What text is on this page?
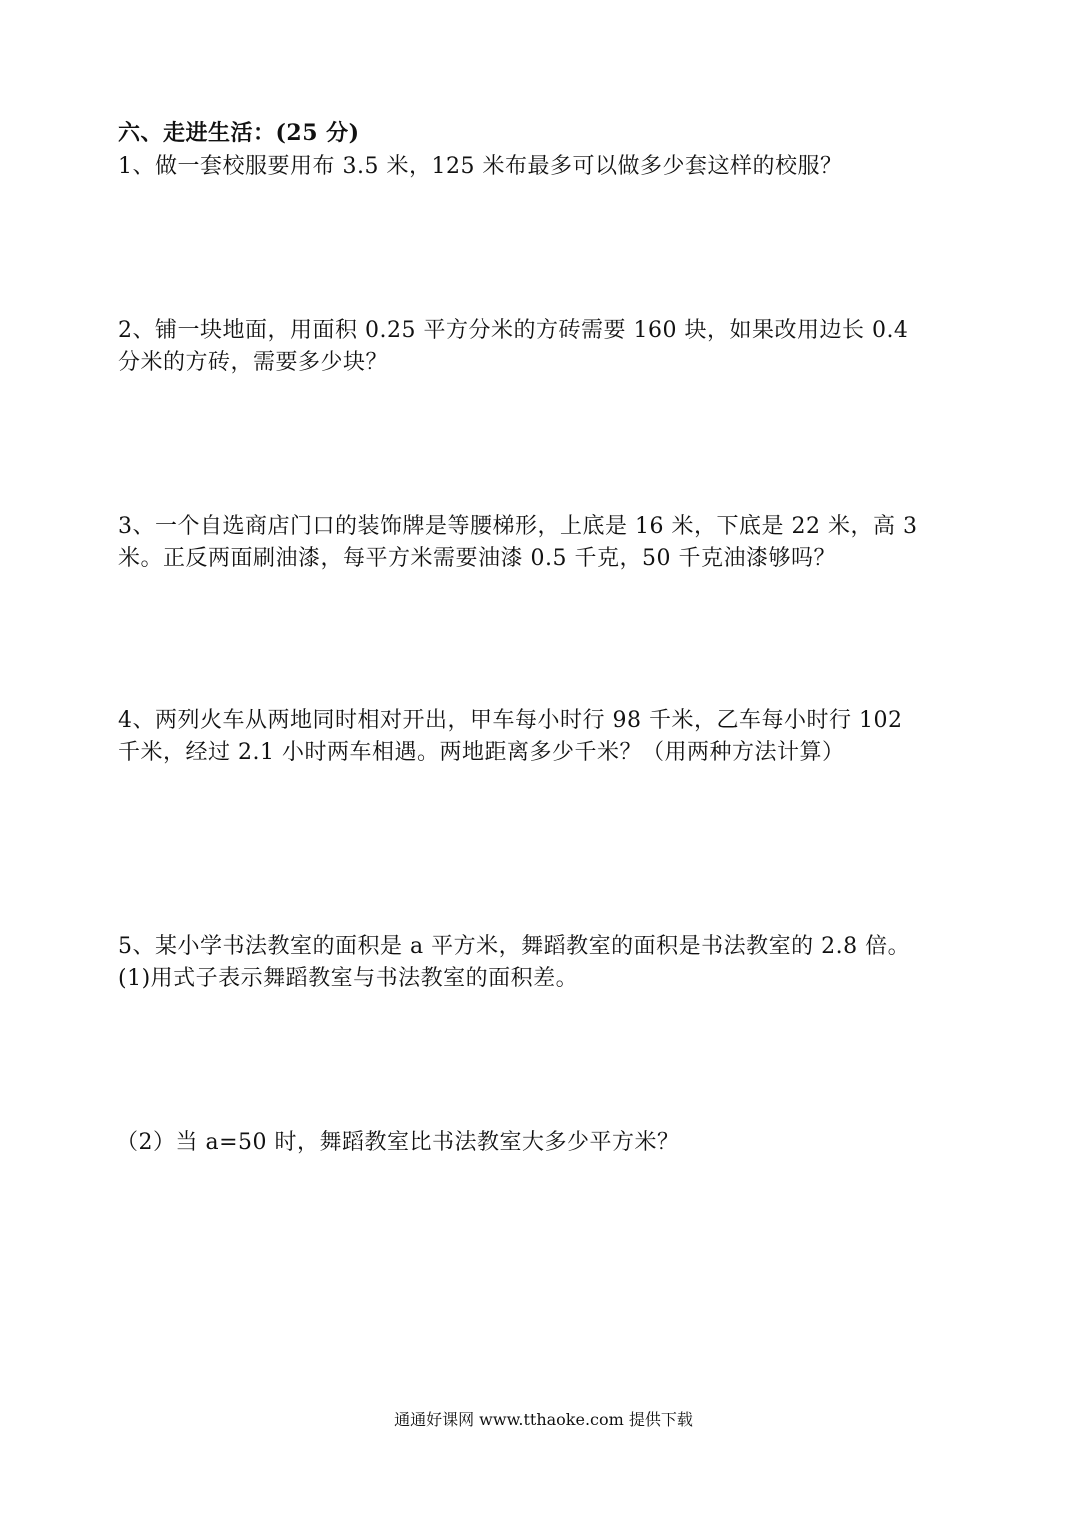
六、走进生活：(25 分)
1、做一套校服要用布 3.5 米，125 米布最多可以做多少套这样的校服？
2、铺一块地面，用面积 0.25 平方分米的方砖需要 160 块，如果改用边长 0.4
分米的方砖，需要多少块？
3、一个自选商店门口的装饰牌是等腰梯形，上底是 16 米，下底是 22 米，高 3
米。正反两面刷油漆，每平方米需要油漆 0.5 千克，50 千克油漆够吗？
4、两列火车从两地同时相对开出，甲车每小时行 98 千米，乙车每小时行 102
千米，经过 2.1 小时两车相遇。两地距离多少千米？（用两种方法计算）
5、某小学书法教室的面积是 a 平方米，舞蹈教室的面积是书法教室的 2.8 倍。
(1)用式子表示舞蹈教室与书法教室的面积差。
（2）当 a=50 时，舞蹈教室比书法教室大多少平方米？
通通好课网 www.tthaoke.com 提供下载
